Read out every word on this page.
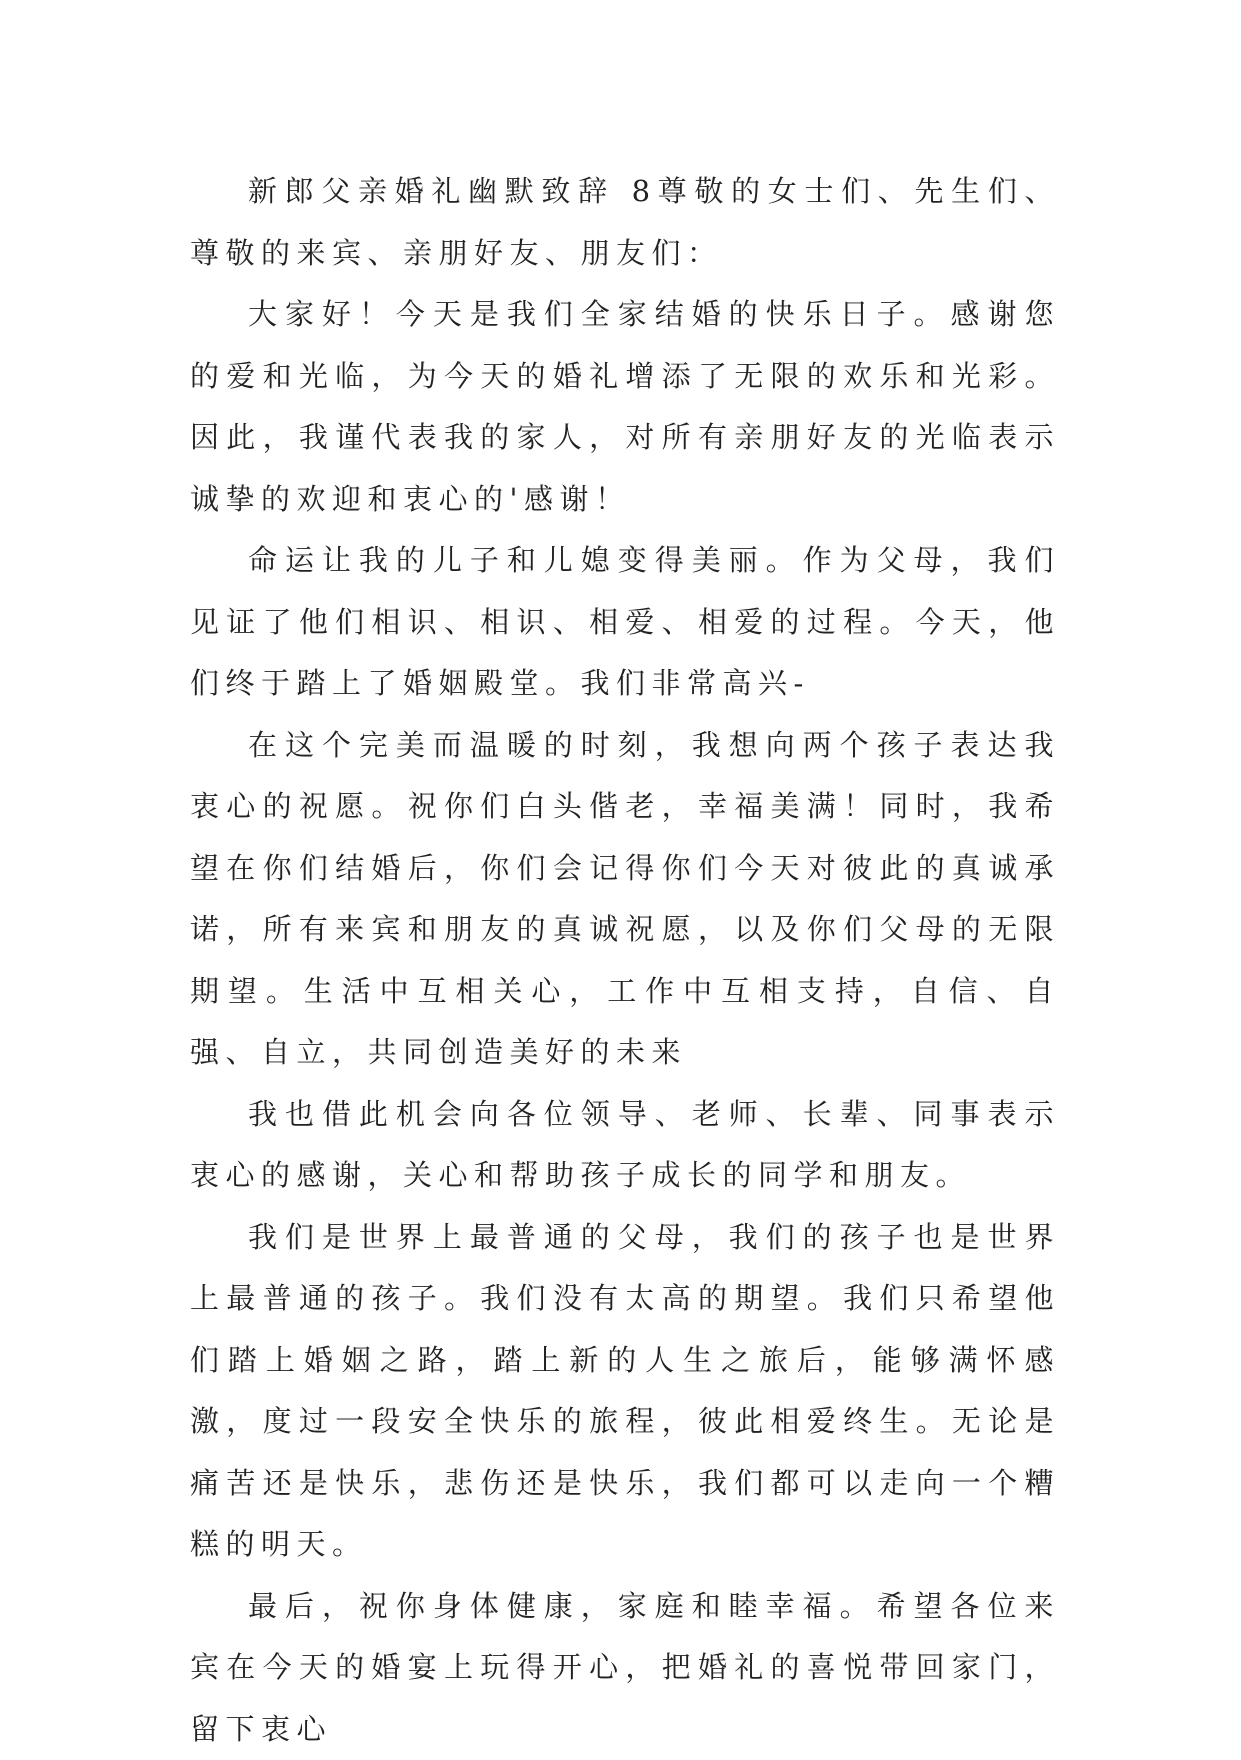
新郎父亲婚礼幽默致辞 8尊敬的女士们、先生们、尊敬的来宾、亲朋好友、朋友们：

大家好！今天是我们全家结婚的快乐日子。感谢您的爱和光临，为今天的婚礼增添了无限的欢乐和光彩。因此，我谨代表我的家人，对所有亲朋好友的光临表示诚挚的欢迎和衷心的'感谢！

命运让我的儿子和儿媳变得美丽。作为父母，我们见证了他们相识、相识、相爱、相爱的过程。今天，他们终于踏上了婚姻殿堂。我们非常高兴-

在这个完美而温暖的时刻，我想向两个孩子表达我衷心的祝愿。祝你们白头偕老，幸福美满！同时，我希望在你们结婚后，你们会记得你们今天对彼此的真诚承诺，所有来宾和朋友的真诚祝愿，以及你们父母的无限期望。生活中互相关心，工作中互相支持，自信、自强、自立，共同创造美好的未来

我也借此机会向各位领导、老师、长辈、同事表示衷心的感谢，关心和帮助孩子成长的同学和朋友。

我们是世界上最普通的父母，我们的孩子也是世界上最普通的孩子。我们没有太高的期望。我们只希望他们踏上婚姻之路，踏上新的人生之旅后，能够满怀感激，度过一段安全快乐的旅程，彼此相爱终生。无论是痛苦还是快乐，悲伤还是快乐，我们都可以走向一个糟糕的明天。

最后，祝你身体健康，家庭和睦幸福。希望各位来宾在今天的婚宴上玩得开心，把婚礼的喜悦带回家门，留下衷心
